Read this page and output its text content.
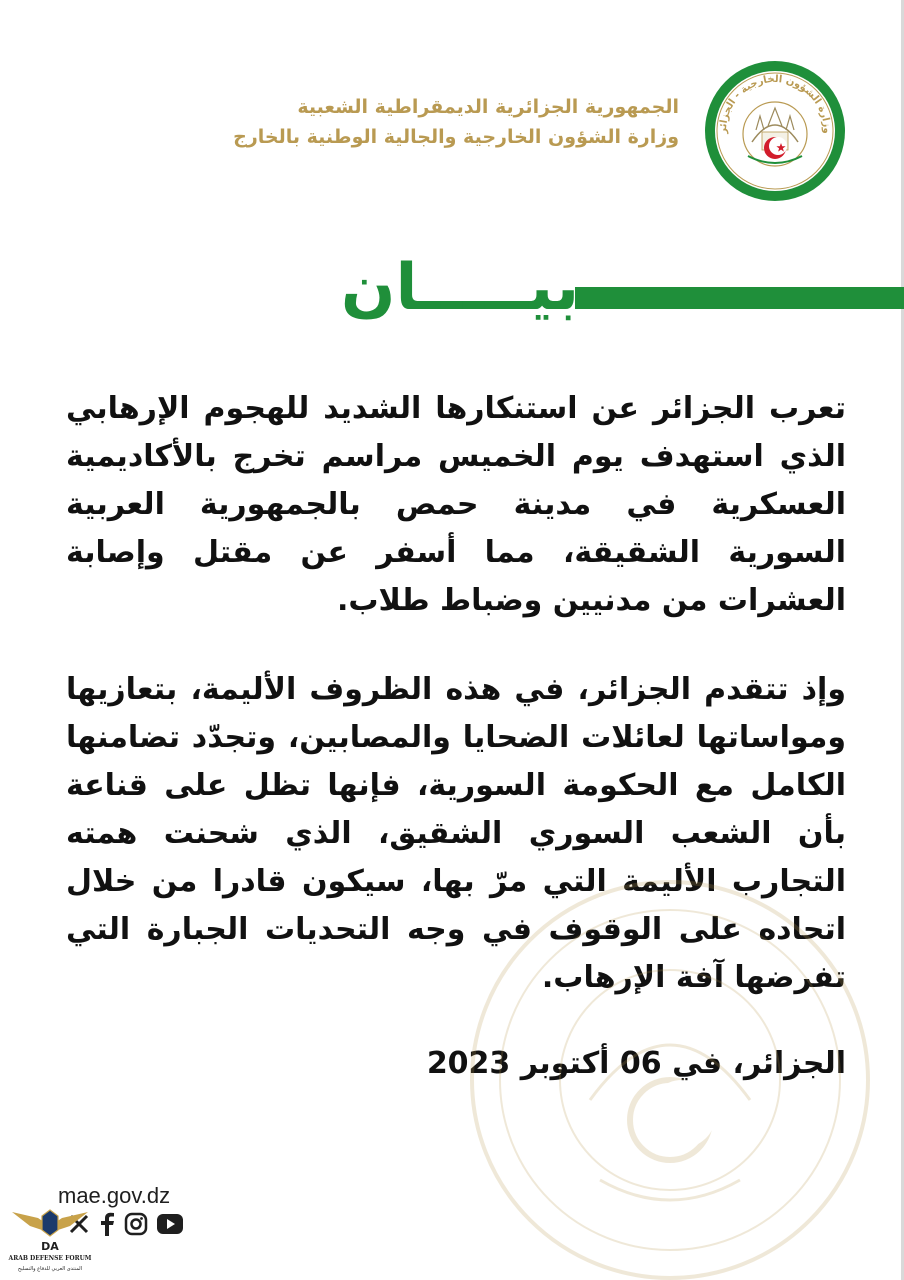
الجمهورية الجزائرية الديمقراطية الشعبية
وزارة الشؤون الخارجية والجالية الوطنية بالخارج	وزارة الشؤون الخارجية - الجزائر
Ministry of Foreign Affairs - Algeria
بيـــــان
تعرب الجزائر عن استنكارها الشديد للهجوم الإرهابي الذي استهدف يوم الخميس مراسم تخرج بالأكاديمية العسكرية في مدينة حمص بالجمهورية العربية السورية الشقيقة، مما أسفر عن مقتل وإصابة العشرات من مدنيين وضباط طلاب.
وإذ تتقدم الجزائر، في هذه الظروف الأليمة، بتعازيها ومواساتها لعائلات الضحايا والمصابين، وتجدّد تضامنها الكامل مع الحكومة السورية، فإنها تظل على قناعة بأن الشعب السوري الشقيق، الذي شحنت همته التجارب الأليمة التي مرّ بها، سيكون قادرا من خلال اتحاده على الوقوف في وجه التحديات الجبارة التي تفرضها آفة الإرهاب.
الجزائر، في 06 أكتوبر 2023
mae.gov.dz
DA
ARAB DEFENSE FORUM
المنتدى العربي للدفاع والتسليح
